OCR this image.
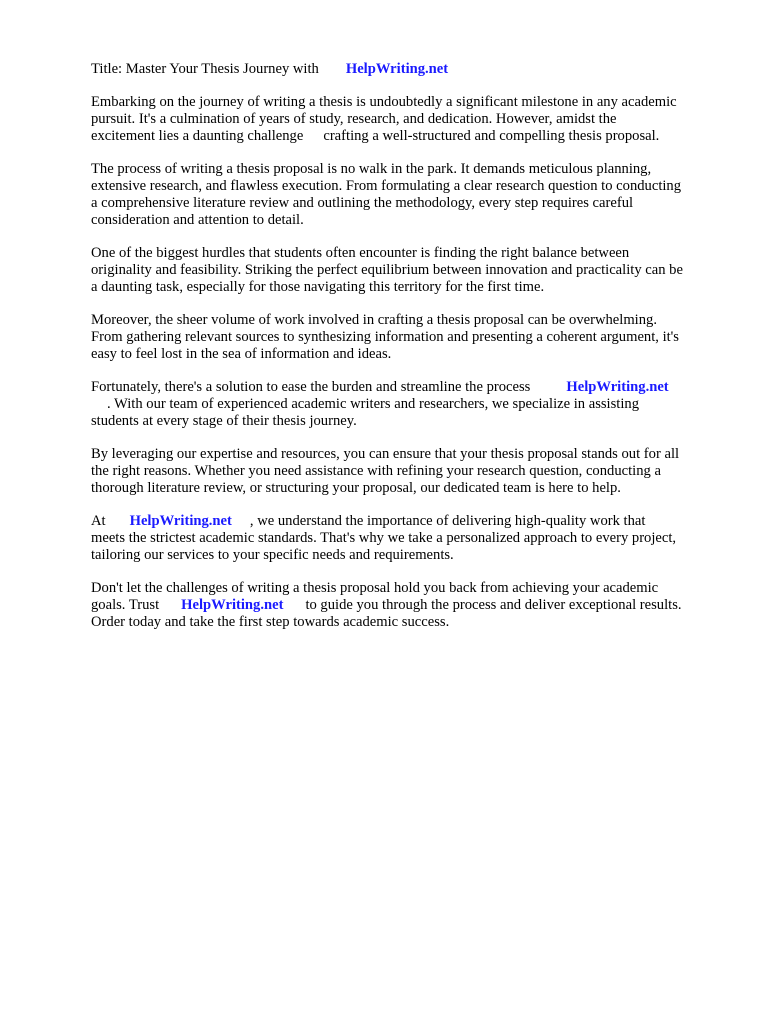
Title: Master Your Thesis Journey with HelpWriting.net
Embarking on the journey of writing a thesis is undoubtedly a significant milestone in any academic
pursuit. It's a culmination of years of study, research, and dedication. However, amidst the
excitement lies a daunting challenge crafting a well-structured and compelling thesis proposal.
The process of writing a thesis proposal is no walk in the park. It demands meticulous planning,
extensive research, and flawless execution. From formulating a clear research question to conducting
a comprehensive literature review and outlining the methodology, every step requires careful
consideration and attention to detail.
One of the biggest hurdles that students often encounter is finding the right balance between
originality and feasibility. Striking the perfect equilibrium between innovation and practicality can be
a daunting task, especially for those navigating this territory for the first time.
Moreover, the sheer volume of work involved in crafting a thesis proposal can be overwhelming.
From gathering relevant sources to synthesizing information and presenting a coherent argument, it's
easy to feel lost in the sea of information and ideas.
Fortunately, there's a solution to ease the burden and streamline the process HelpWriting.net
. With our team of experienced academic writers and researchers, we specialize in assisting
students at every stage of their thesis journey.
By leveraging our expertise and resources, you can ensure that your thesis proposal stands out for all
the right reasons. Whether you need assistance with refining your research question, conducting a
thorough literature review, or structuring your proposal, our dedicated team is here to help.
At HelpWriting.net , we understand the importance of delivering high-quality work that
meets the strictest academic standards. That's why we take a personalized approach to every project,
tailoring our services to your specific needs and requirements.
Don't let the challenges of writing a thesis proposal hold you back from achieving your academic
goals. Trust HelpWriting.net to guide you through the process and deliver exceptional results.
Order today and take the first step towards academic success.
